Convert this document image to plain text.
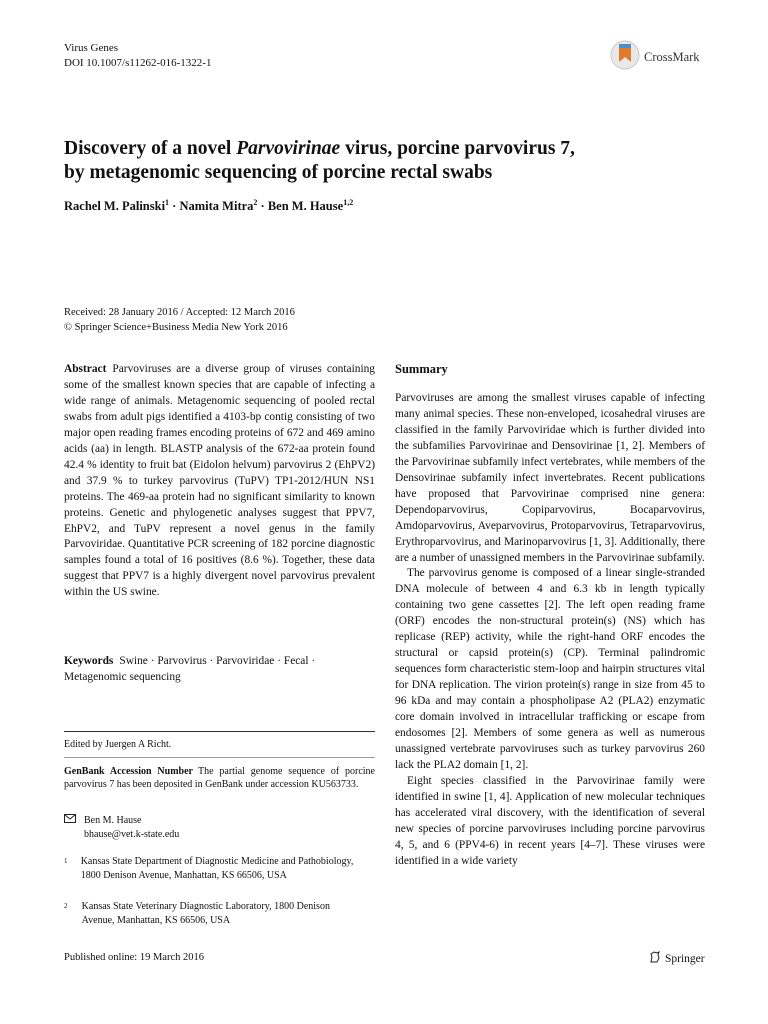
Virus Genes
DOI 10.1007/s11262-016-1322-1	CrossMark
Discovery of a novel Parvovirinae virus, porcine parvovirus 7,
by metagenomic sequencing of porcine rectal swabs
Rachel M. Palinski$^1$ · Namita Mitra$^2$ · Ben M. Hause$^{1,2}$
Received: 28 January 2016 / Accepted: 12 March 2016
© Springer Science+Business Media New York 2016
Abstract Parvoviruses are a diverse group of viruses containing some of the smallest known species that are capable of infecting a wide range of animals. Metagenomic sequencing of pooled rectal swabs from adult pigs identified a 4103-bp contig consisting of two major open reading frames encoding proteins of 672 and 469 amino acids (aa) in length. BLASTP analysis of the 672-aa protein found 42.4 % identity to fruit bat (Eidolon helvum) parvovirus 2 (EhPV2) and 37.9 % to turkey parvovirus (TuPV) TP1-2012/HUN NS1 proteins. The 469-aa protein had no significant similarity to known proteins. Genetic and phylogenetic analyses suggest that PPV7, EhPV2, and TuPV represent a novel genus in the family Parvoviridae. Quantitative PCR screening of 182 porcine diagnostic samples found a total of 16 positives (8.6 %). Together, these data suggest that PPV7 is a highly divergent novel parvovirus prevalent within the US swine.
Keywords Swine · Parvovirus · Parvoviridae · Fecal · Metagenomic sequencing
Edited by Juergen A Richt.
GenBank Accession Number The partial genome sequence of porcine parvovirus 7 has been deposited in GenBank under accession KU563733.
Ben M. Hause
bhause@vet.k-state.edu
1 Kansas State Department of Diagnostic Medicine and Pathobiology, 1800 Denison Avenue, Manhattan, KS 66506, USA
2 Kansas State Veterinary Diagnostic Laboratory, 1800 Denison Avenue, Manhattan, KS 66506, USA
Summary

Parvoviruses are among the smallest viruses capable of infecting many animal species. These non-enveloped, icosahedral viruses are classified in the family Parvoviridae which is further divided into the subfamilies Parvovirinae and Densovirinae [1, 2]. Members of the Parvovirinae subfamily infect vertebrates, while members of the Densovirinae subfamily infect invertebrates. Recent publications have proposed that Parvovirinae comprised nine genera: Dependoparvovirus, Copiparvovirus, Bocaparvovirus, Amdoparvovirus, Aveparvovirus, Protoparvovirus, Tetraparvovirus, Erythroparvovirus, and Marinoparvovirus [1, 3]. Additionally, there are a number of unassigned members in the Parvovirinae subfamily.

The parvovirus genome is composed of a linear single-stranded DNA molecule of between 4 and 6.3 kb in length typically containing two gene cassettes [2]. The left open reading frame (ORF) encodes the non-structural protein(s) (NS) which has replicase (REP) activity, while the right-hand ORF encodes the structural or capsid protein(s) (CP). Terminal palindromic sequences form characteristic stem-loop and hairpin structures vital for DNA replication. The virion protein(s) range in size from 45 to 96 kDa and may contain a phospholipase A2 (PLA2) enzymatic core domain involved in intracellular trafficking or escape from endosomes [2]. Members of some genera as well as numerous unassigned vertebrate parvoviruses such as turkey parvovirus 260 lack the PLA2 domain [1, 2].

Eight species classified in the Parvovirinae family were identified in swine [1, 4]. Application of new molecular techniques has accelerated viral discovery, with the identification of several new species of porcine parvoviruses including porcine parvovirus 4, 5, and 6 (PPV4-6) in recent years [4–7]. These viruses were identified in a wide variety

Published online: 19 March 2016	Springer
